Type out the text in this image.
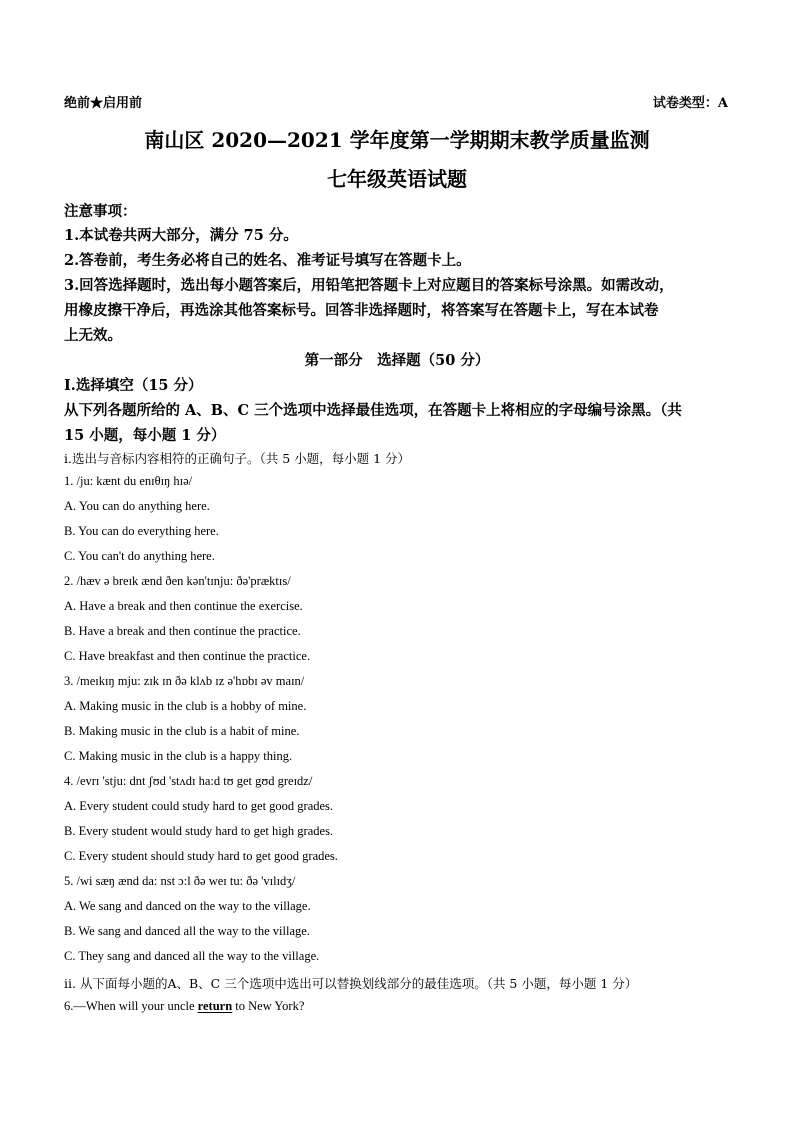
绝前★启用前	试卷类型：A
南山区 2020—2021 学年度第一学期期末教学质量监测
七年级英语试题
注意事项：
1.本试卷共两大部分，满分 75 分。
2.答卷前，考生务必将自己的姓名、准考证号填写在答题卡上。
3.回答选择题时，选出每小题答案后，用铅笔把答题卡上对应题目的答案标号涂黑。如需改动，
用橡皮擦干净后，再选涂其他答案标号。回答非选择题时，将答案写在答题卡上，写在本试卷
上无效。
第一部分　选择题（50 分）
Ⅰ.选择填空（15 分）
从下列各题所给的 A、B、C 三个选项中选择最佳选项，在答题卡上将相应的字母编号涂黑。（共
15 小题，每小题 1 分）
i.选出与音标内容相符的正确句子。（共 5 小题，每小题 1 分）
1. /ju: kænt du enɪθɪŋ hɪə/
A. You can do anything here.
B. You can do everything here.
C. You can't do anything here.
2. /hæv ə breɪk ænd ðen kən'tɪnju: ðə'præktɪs/
A. Have a break and then continue the exercise.
B. Have a break and then continue the practice.
C. Have breakfast and then continue the practice.
3. /meɪkɪŋ mju: zɪk ɪn ðə klʌb ɪz ə'hɒbɪ əv maɪn/
A. Making music in the club is a hobby of mine.
B. Making music in the club is a habit of mine.
C. Making music in the club is a happy thing.
4. /evrɪ 'stju: dnt ʃʊd 'stʌdɪ ha:d tʊ get gʊd greɪdz/
A. Every student could study hard to get good grades.
B. Every student would study hard to get high grades.
C. Every student should study hard to get good grades.
5. /wi sæŋ ænd da: nst ɔ:l ðə weɪ tu: ðə 'vɪlɪdʒ/
A. We sang and danced on the way to the village.
B. We sang and danced all the way to the village.
C. They sang and danced all the way to the village.
ii. 从下面每小题的A、B、C 三个选项中选出可以替换划线部分的最佳选项。（共 5 小题，每小题 1 分）
6.—When will your uncle return to New York?
